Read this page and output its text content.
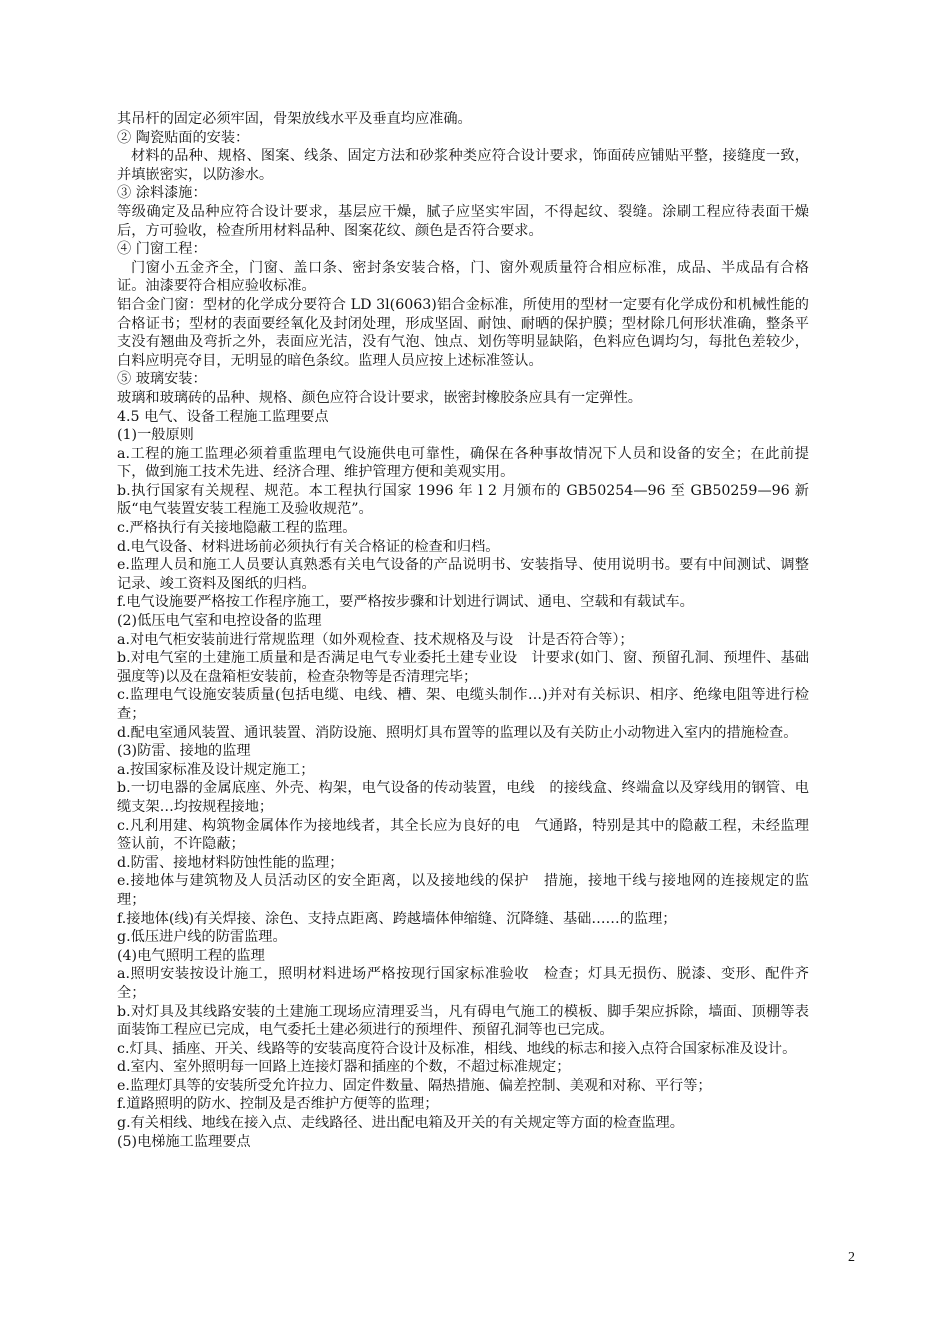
其吊杆的固定必须牢固，骨架放线水平及垂直均应准确。

② 陶瓷贴面的安装：

材料的品种、规格、图案、线条、固定方法和砂浆种类应符合设计要求，饰面砖应铺贴平整，接缝度一致，并填嵌密实，以防渗水。

③ 涂料漆施：

等级确定及品种应符合设计要求，基层应干燥，腻子应坚实牢固，不得起纹、裂缝。涂刷工程应待表面干燥后，方可验收，检查所用材料品种、图案花纹、颜色是否符合要求。

④ 门窗工程：

门窗小五金齐全，门窗、盖口条、密封条安装合格，门、窗外观质量符合相应标准，成品、半成品有合格证。油漆要符合相应验收标准。

铝合金门窗：型材的化学成分要符合 LD 3l(6063)铝合金标准，所使用的型材一定要有化学成份和机械性能的合格证书；型材的表面要经氧化及封闭处理，形成坚固、耐蚀、耐晒的保护膜；型材除几何形状准确，整条平支没有翘曲及弯折之外，表面应光洁，没有气泡、蚀点、划伤等明显缺陷，色料应色调均匀，每批色差较少，白料应明亮夺目，无明显的暗色条纹。监理人员应按上述标准签认。

⑤ 玻璃安装：

玻璃和玻璃砖的品种、规格、颜色应符合设计要求，嵌密封橡胶条应具有一定弹性。

4.5 电气、设备工程施工监理要点

(1)一般原则

a.工程的施工监理必须着重监理电气设施供电可靠性，确保在各种事故情况下人员和设备的安全；在此前提下，做到施工技术先进、经济合理、维护管理方便和美观实用。

b.执行国家有关规程、规范。本工程执行国家 1996 年 l 2 月颁布的 GB50254—96 至 GB50259—96 新版“电气装置安装工程施工及验收规范”。

c.严格执行有关接地隐蔽工程的监理。

d.电气设备、材料进场前必须执行有关合格证的检查和归档。

e.监理人员和施工人员要认真熟悉有关电气设备的产品说明书、安装指导、使用说明书。要有中间测试、调整记录、竣工资料及图纸的归档。

f.电气设施要严格按工作程序施工，要严格按步骤和计划进行调试、通电、空载和有载试车。

(2)低压电气室和电控设备的监理

a.对电气柜安装前进行常规监理（如外观检查、技术规格及与设　计是否符合等）；

b.对电气室的土建施工质量和是否满足电气专业委托土建专业设　计要求(如门、窗、预留孔洞、预埋件、基础强度等)以及在盘箱柜安装前，检查杂物等是否清理完毕；

c.监理电气设施安装质量(包括电缆、电线、槽、架、电缆头制作…)并对有关标识、相序、绝缘电阻等进行检查；

d.配电室通风装置、通讯装置、消防设施、照明灯具布置等的监理以及有关防止小动物进入室内的措施检查。

(3)防雷、接地的监理

a.按国家标准及设计规定施工；

b.一切电器的金属底座、外壳、构架，电气设备的传动装置，电线　的接线盒、终端盒以及穿线用的钢管、电缆支架…均按规程接地；

c.凡利用建、构筑物金属体作为接地线者，其全长应为良好的电　气通路，特别是其中的隐蔽工程，未经监理签认前，不许隐蔽；

d.防雷、接地材料防蚀性能的监理；

e.接地体与建筑物及人员活动区的安全距离，以及接地线的保护　措施，接地干线与接地网的连接规定的监理；

f.接地体(线)有关焊接、涂色、支持点距离、跨越墙体伸缩缝、沉降缝、基础……的监理；

g.低压进户线的防雷监理。

(4)电气照明工程的监理

a.照明安装按设计施工，照明材料进场严格按现行国家标准验收　检查；灯具无损伤、脱漆、变形、配件齐全；

b.对灯具及其线路安装的土建施工现场应清理妥当，凡有碍电气施工的模板、脚手架应拆除，墙面、顶棚等表面装饰工程应已完成，电气委托土建必须进行的预埋件、预留孔洞等也已完成。

c.灯具、插座、开关、线路等的安装高度符合设计及标准，相线、地线的标志和接入点符合国家标准及设计。

d.室内、室外照明每一回路上连接灯器和插座的个数，不超过标准规定；

e.监理灯具等的安装所受允许拉力、固定件数量、隔热措施、偏差控制、美观和对称、平行等；

f.道路照明的防水、控制及是否维护方便等的监理；

g.有关相线、地线在接入点、走线路径、进出配电箱及开关的有关规定等方面的检查监理。

(5)电梯施工监理要点

2
